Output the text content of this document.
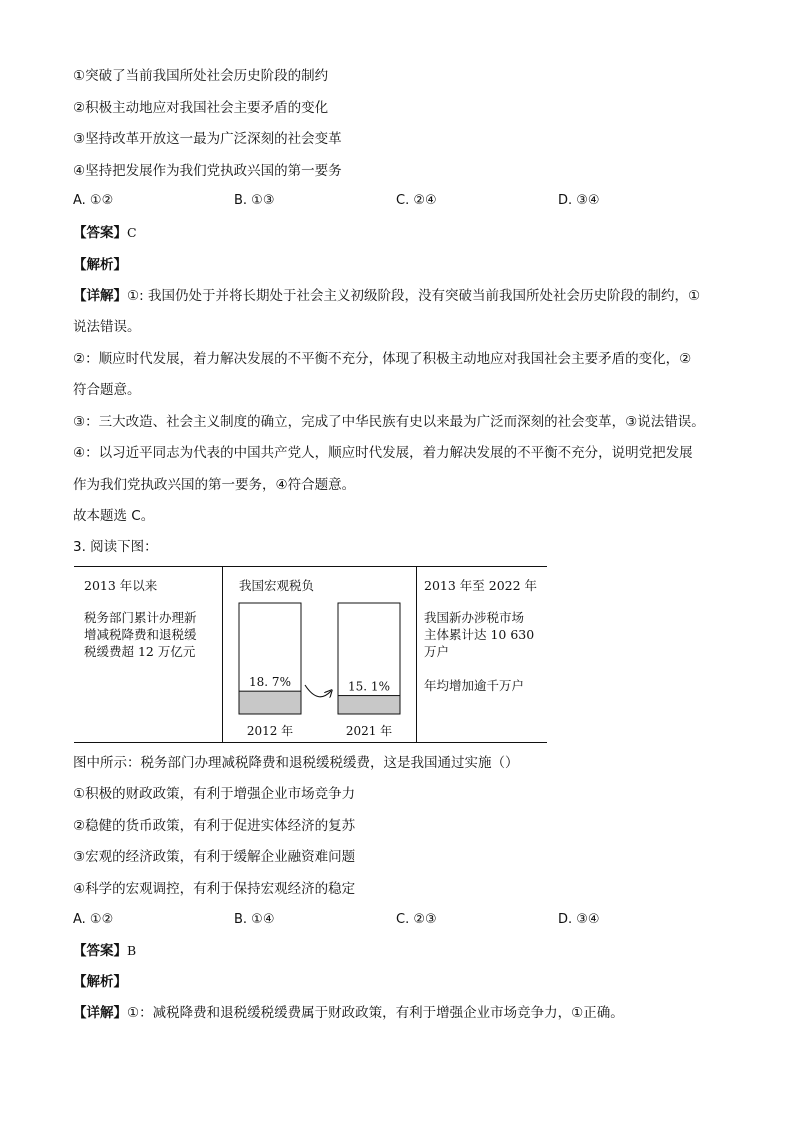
①突破了当前我国所处社会历史阶段的制约
②积极主动地应对我国社会主要矛盾的变化
③坚持改革开放这一最为广泛深刻的社会变革
④坚持把发展作为我们党执政兴国的第一要务
A. ①②	B. ①③	C. ②④	D. ③④
【答案】C
【解析】
【详解】①: 我国仍处于并将长期处于社会主义初级阶段，没有突破当前我国所处社会历史阶段的制约，①
说法错误。
②：顺应时代发展，着力解决发展的不平衡不充分，体现了积极主动地应对我国社会主要矛盾的变化，②
符合题意。
③：三大改造、社会主义制度的确立，完成了中华民族有史以来最为广泛而深刻的社会变革，③说法错误。
④：以习近平同志为代表的中国共产党人，顺应时代发展，着力解决发展的不平衡不充分，说明党把发展
作为我们党执政兴国的第一要务，④符合题意。
故本题选 C。
3. 阅读下图：

2013 年以来

税务部门累计办理新

增减税降费和退税缓

税缓费超 12 万亿元

我国宏观税负
18. 7%
2012 年
15. 1%
2021 年

2013 年至 2022 年

我国新办涉税市场

主体累计达 10 630

万户

年均增加逾千万户

图中所示：税务部门办理减税降费和退税缓税缓费，这是我国通过实施（）
①积极的财政政策，有利于增强企业市场竞争力
②稳健的货币政策，有利于促进实体经济的复苏
③宏观的经济政策，有利于缓解企业融资难问题
④科学的宏观调控，有利于保持宏观经济的稳定
A. ①②	B. ①④	C. ②③	D. ③④
【答案】B
【解析】
【详解】①：减税降费和退税缓税缓费属于财政政策，有利于增强企业市场竞争力，①正确。
